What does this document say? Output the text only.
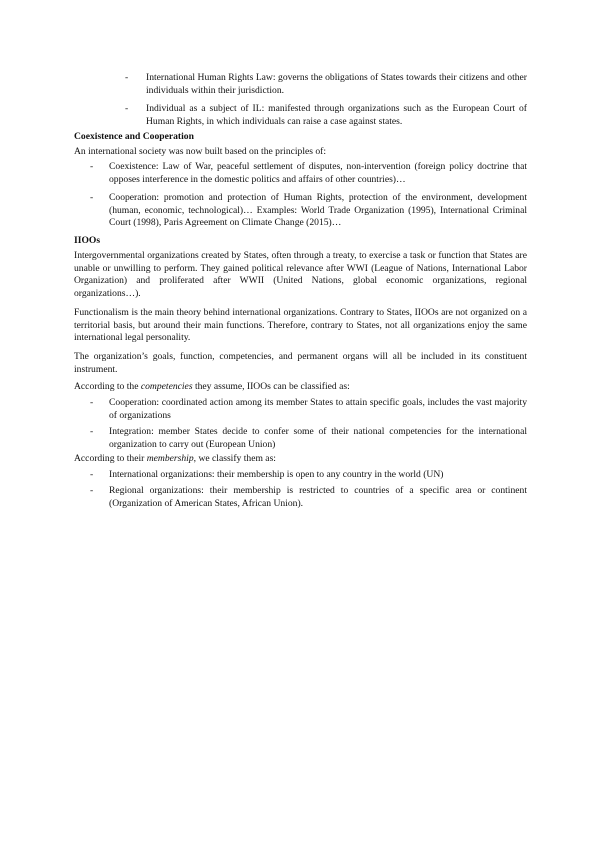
- International Human Rights Law: governs the obligations of States towards their citizens and other individuals within their jurisdiction.
- Individual as a subject of IL: manifested through organizations such as the European Court of Human Rights, in which individuals can raise a case against states.
Coexistence and Cooperation
An international society was now built based on the principles of:
- Coexistence: Law of War, peaceful settlement of disputes, non-intervention (foreign policy doctrine that opposes interference in the domestic politics and affairs of other countries)…
- Cooperation: promotion and protection of Human Rights, protection of the environment, development (human, economic, technological)… Examples: World Trade Organization (1995), International Criminal Court (1998), Paris Agreement on Climate Change (2015)…
IIOOs
Intergovernmental organizations created by States, often through a treaty, to exercise a task or function that States are unable or unwilling to perform. They gained political relevance after WWI (League of Nations, International Labor Organization) and proliferated after WWII (United Nations, global economic organizations, regional organizations…).
Functionalism is the main theory behind international organizations. Contrary to States, IIOOs are not organized on a territorial basis, but around their main functions. Therefore, contrary to States, not all organizations enjoy the same international legal personality.
The organization’s goals, function, competencies, and permanent organs will all be included in its constituent instrument.
According to the competencies they assume, IIOOs can be classified as:
- Cooperation: coordinated action among its member States to attain specific goals, includes the vast majority of organizations
- Integration: member States decide to confer some of their national competencies for the international organization to carry out (European Union)
According to their membership, we classify them as:
- International organizations: their membership is open to any country in the world (UN)
- Regional organizations: their membership is restricted to countries of a specific area or continent (Organization of American States, African Union).
